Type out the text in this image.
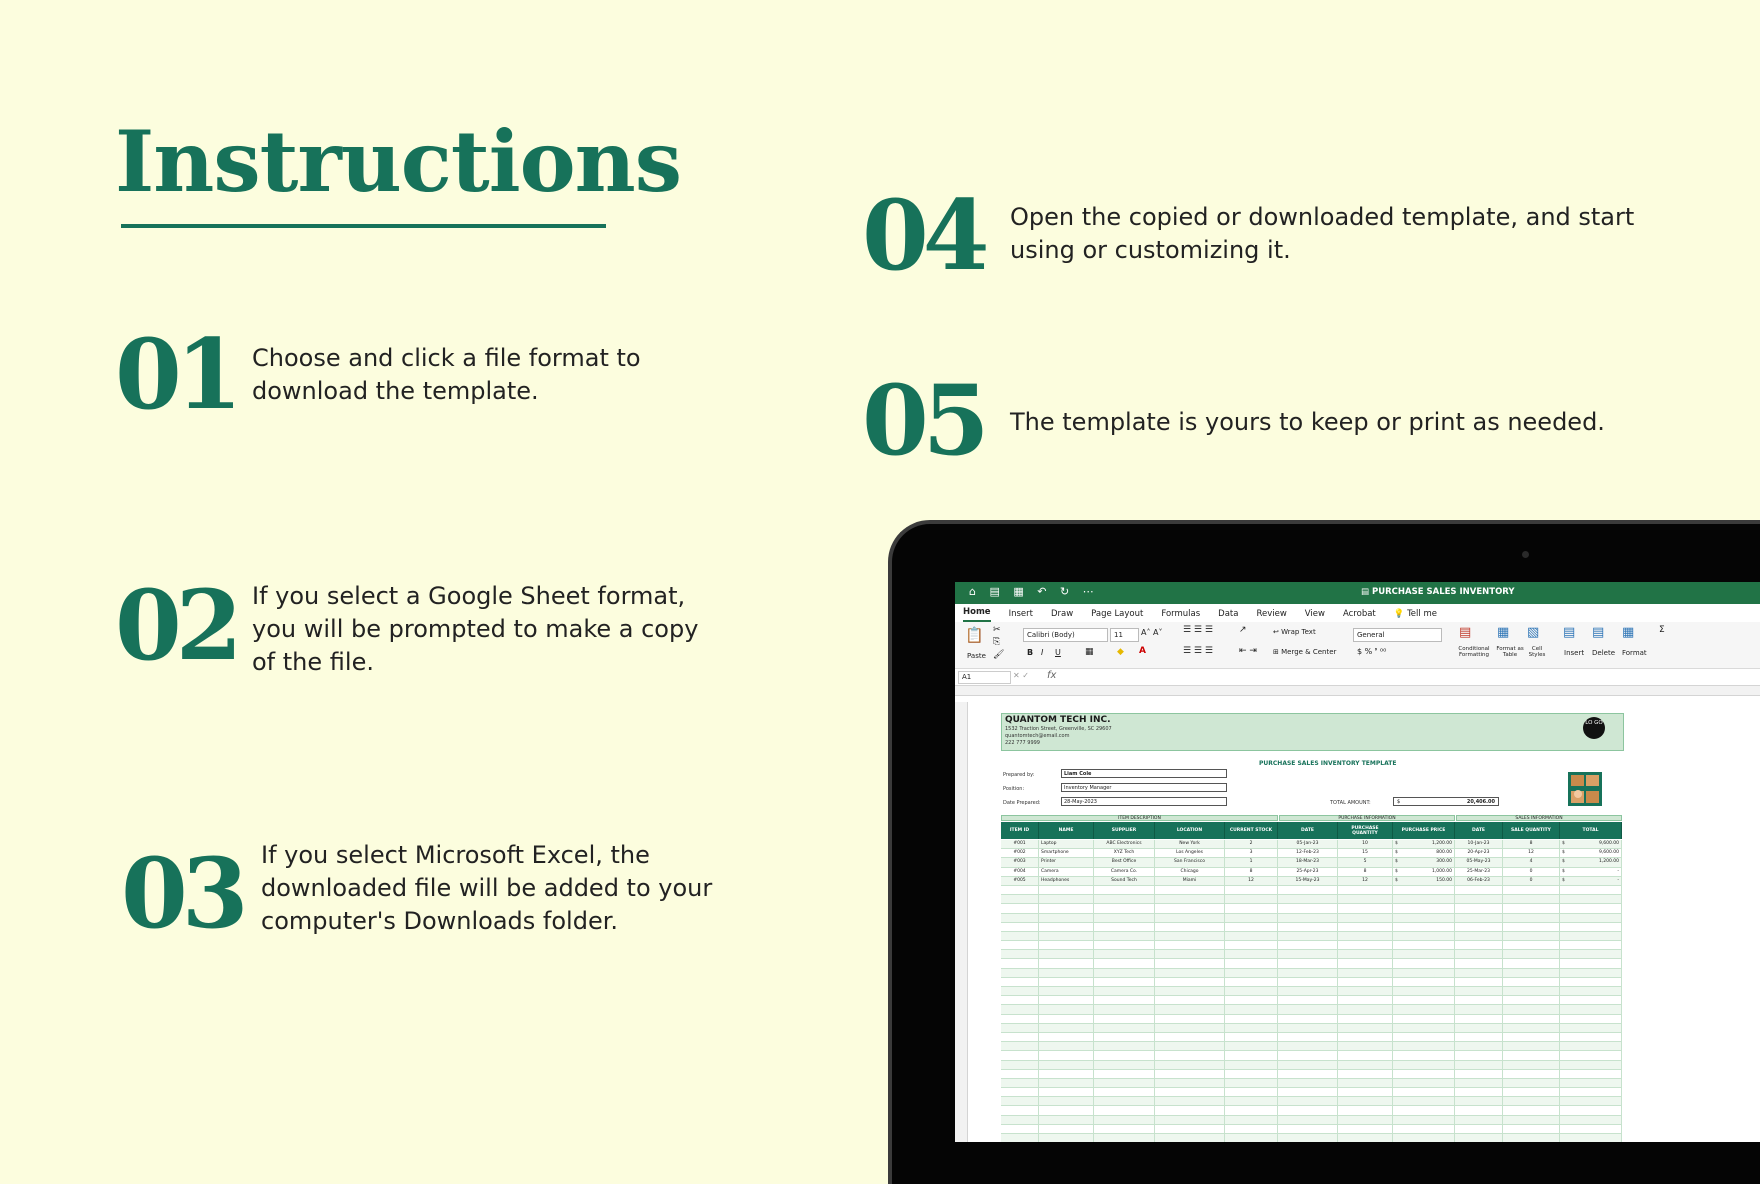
Instructions
01 Choose and click a file format to download the template.
02 If you select a Google Sheet format, you will be prompted to make a copy of the file.
03 If you select Microsoft Excel, the downloaded file will be added to your computer's Downloads folder.
04 Open the copied or downloaded template, and start using or customizing it.
05 The template is yours to keep or print as needed.
⌂ ▤ ▦ ↶ ↻ ⋯	▤ PURCHASE SALES INVENTORY
Home Insert Draw Page Layout Formulas Data Review View Acrobat 💡 Tell me
📋
Paste
✂
⎘
🖌
Calibri (Body)	11	A˄ A˅
B I U	▦	◆ A
☰ ☰ ☰
☰ ☰ ☰
↗
⇤ ⇥
↩ Wrap Text
⊞ Merge & Center
General
$ % ❜ ⁰⁰
▤
Conditional Formatting
▦
Format as Table
▧
Cell Styles
▤
Insert
▤
Delete
▦
Format
Σ
A1	✕ ✓ fx
QUANTOM TECH INC.
1532 Traction Street, Greenville, SC 29607
quantomtech@email.com
222 777 9999
LO GO
PURCHASE SALES INVENTORY TEMPLATE
Prepared by:	Liam Cole
Position:	Inventory Manager
Date Prepared:	28-May-2023	TOTAL AMOUNT:	$	20,406.00
ITEM DESCRIPTION	PURCHASE INFORMATION	SALES INFORMATION
ITEM ID	NAME	SUPPLIER	LOCATION	CURRENT STOCK	DATE	PURCHASE QUANTITY	PURCHASE PRICE	DATE	SALE QUANTITY	TOTAL
#001	Laptop	ABC Electronics	New York	2	05-Jan-23	10	$	1,200.00	10-Jan-23	8	$	9,600.00
#002	Smartphone	XYZ Tech	Los Angeles	3	12-Feb-23	15	$	800.00	20-Apr-23	12	$	9,600.00
#003	Printer	Best Office	San Francisco	1	18-Mar-23	5	$	300.00	05-May-23	4	$	1,200.00
#004	Camera	Camera Co.	Chicago	8	25-Apr-23	8	$	1,000.00	25-Mar-23	0	$	-
#005	Headphones	Sound Tech	Miami	12	15-May-23	12	$	150.00	06-Feb-23	0	$	-
